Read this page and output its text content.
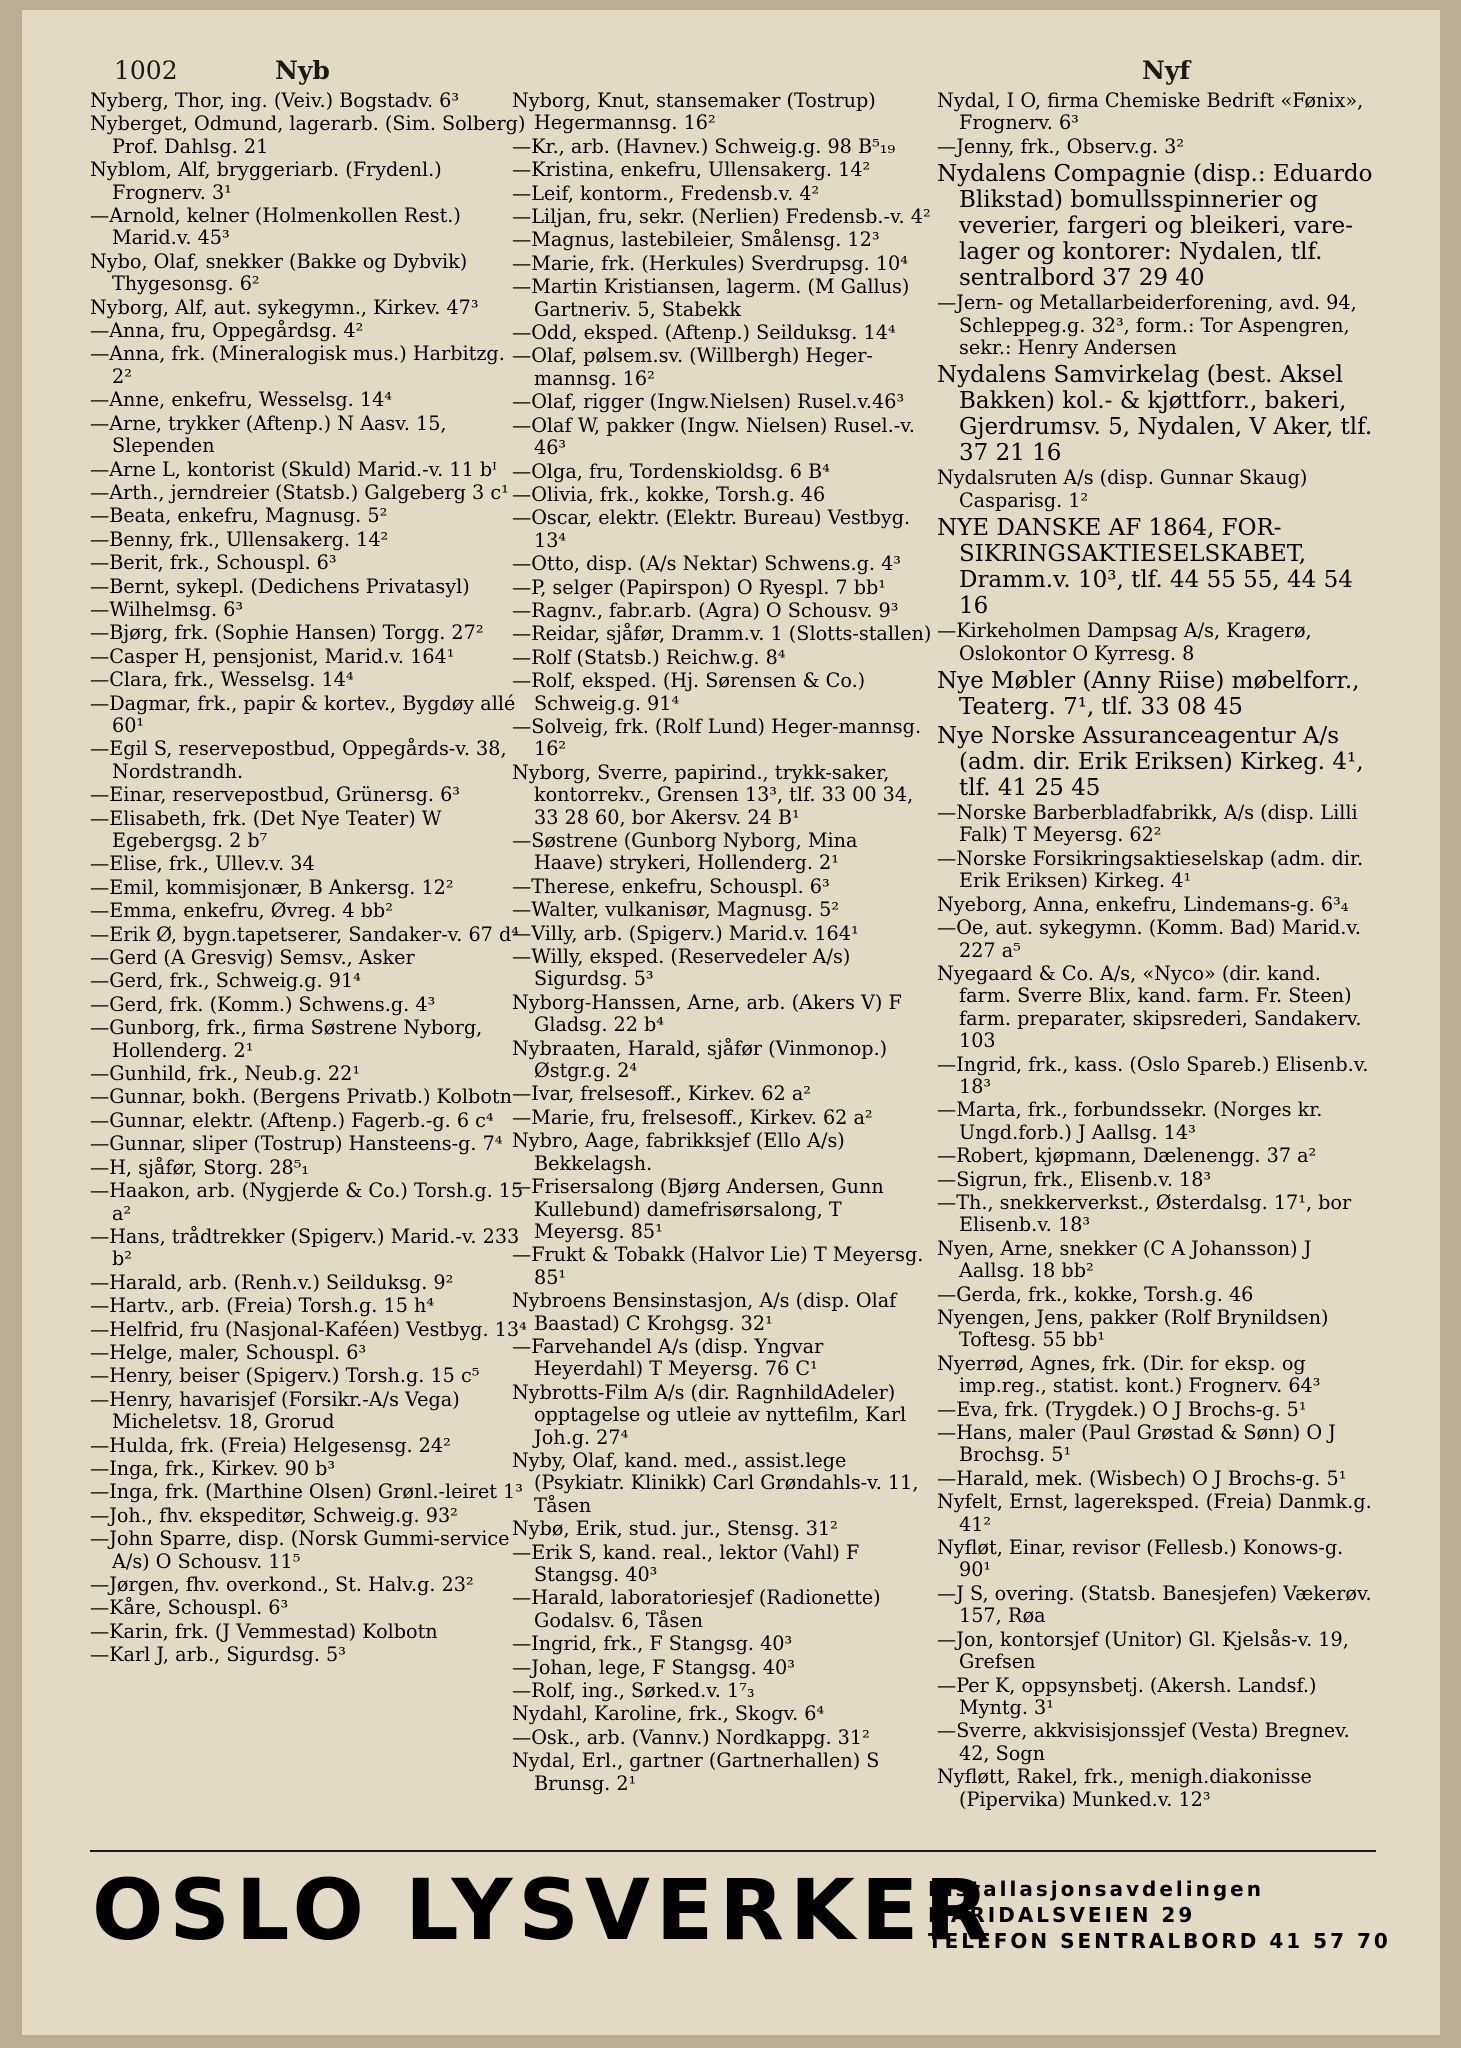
1002	Nyb	Nyf
Nyberg, Thor, ing. (Veiv.) Bogstadv. 6³
Nyberget, Odmund, lagerarb. (Sim. Solberg) Prof. Dahlsg. 21
Nyblom, Alf, bryggeriarb. (Frydenl.) Frognerv. 3¹
—Arnold, kelner (Holmenkollen Rest.) Marid.v. 45³
Nybo, Olaf, snekker (Bakke og Dybvik) Thygesonsg. 6²
Nyborg, Alf, aut. sykegymn., Kirkev. 47³
—Anna, fru, Oppegårdsg. 4²
—Anna, frk. (Mineralogisk mus.) Harbitzg. 2²
—Anne, enkefru, Wesselsg. 14⁴
—Arne, trykker (Aftenp.) N Aasv. 15, Slependen
—Arne L, kontorist (Skuld) Marid.-v. 11 bᴵ
—Arth., jerndreier (Statsb.) Galgeberg 3 c¹
—Beata, enkefru, Magnusg. 5²
—Benny, frk., Ullensakerg. 14²
—Berit, frk., Schouspl. 6³
—Bernt, sykepl. (Dedichens Privatasyl)
—Wilhelmsg. 6³
—Bjørg, frk. (Sophie Hansen) Torgg. 27²
—Casper H, pensjonist, Marid.v. 164¹
—Clara, frk., Wesselsg. 14⁴
—Dagmar, frk., papir & kortev., Bygdøy allé 60¹
—Egil S, reservepostbud, Oppegårds-v. 38, Nordstrandh.
—Einar, reservepostbud, Grünersg. 6³
—Elisabeth, frk. (Det Nye Teater) W Egebergsg. 2 b⁷
—Elise, frk., Ullev.v. 34
—Emil, kommisjonær, B Ankersg. 12²
—Emma, enkefru, Øvreg. 4 bb²
—Erik Ø, bygn.tapetserer, Sandaker-v. 67 d⁴
—Gerd (A Gresvig) Semsv., Asker
—Gerd, frk., Schweig.g. 91⁴
—Gerd, frk. (Komm.) Schwens.g. 4³
—Gunborg, frk., firma Søstrene Nyborg, Hollenderg. 2¹
—Gunhild, frk., Neub.g. 22¹
—Gunnar, bokh. (Bergens Privatb.) Kolbotn
—Gunnar, elektr. (Aftenp.) Fagerb.-g. 6 c⁴
—Gunnar, sliper (Tostrup) Hansteens-g. 7⁴
—H, sjåfør, Storg. 28⁵₁
—Haakon, arb. (Nygjerde & Co.) Torsh.g. 15 a²
—Hans, trådtrekker (Spigerv.) Marid.-v. 233 b²
—Harald, arb. (Renh.v.) Seilduksg. 9²
—Hartv., arb. (Freia) Torsh.g. 15 h⁴
—Helfrid, fru (Nasjonal-Kaféen) Vestbyg. 13⁴
—Helge, maler, Schouspl. 6³
—Henry, beiser (Spigerv.) Torsh.g. 15 c⁵
—Henry, havarisjef (Forsikr.-A/s Vega) Micheletsv. 18, Grorud
—Hulda, frk. (Freia) Helgesensg. 24²
—Inga, frk., Kirkev. 90 b³
—Inga, frk. (Marthine Olsen) Grønl.-leiret 1³
—Joh., fhv. ekspeditør, Schweig.g. 93²
—John Sparre, disp. (Norsk Gummi-service A/s) O Schousv. 11⁵
—Jørgen, fhv. overkond., St. Halv.g. 23²
—Kåre, Schouspl. 6³
—Karin, frk. (J Vemmestad) Kolbotn
—Karl J, arb., Sigurdsg. 5³
Nyborg, Knut, stansemaker (Tostrup) Hegermannsg. 16²
—Kr., arb. (Havnev.) Schweig.g. 98 B⁵₁₉
—Kristina, enkefru, Ullensakerg. 14²
—Leif, kontorm., Fredensb.v. 4²
—Liljan, fru, sekr. (Nerlien) Fredensb.-v. 4²
—Magnus, lastebileier, Smålensg. 12³
—Marie, frk. (Herkules) Sverdrupsg. 10⁴
—Martin Kristiansen, lagerm. (M Gallus) Gartneriv. 5, Stabekk
—Odd, eksped. (Aftenp.) Seilduksg. 14⁴
—Olaf, pølsem.sv. (Willbergh) Heger-mannsg. 16²
—Olaf, rigger (Ingw.Nielsen) Rusel.v.46³
—Olaf W, pakker (Ingw. Nielsen) Rusel.-v. 46³
—Olga, fru, Tordenskioldsg. 6 B⁴
—Olivia, frk., kokke, Torsh.g. 46
—Oscar, elektr. (Elektr. Bureau) Vestbyg. 13⁴
—Otto, disp. (A/s Nektar) Schwens.g. 4³
—P, selger (Papirspon) O Ryespl. 7 bb¹
—Ragnv., fabr.arb. (Agra) O Schousv. 9³
—Reidar, sjåfør, Dramm.v. 1 (Slotts-stallen)
—Rolf (Statsb.) Reichw.g. 8⁴
—Rolf, eksped. (Hj. Sørensen & Co.) Schweig.g. 91⁴
—Solveig, frk. (Rolf Lund) Heger-mannsg. 16²
Nyborg, Sverre, papirind., trykk-saker, kontorrekv., Grensen 13³, tlf. 33 00 34, 33 28 60, bor Akersv. 24 B¹
—Søstrene (Gunborg Nyborg, Mina Haave) strykeri, Hollenderg. 2¹
—Therese, enkefru, Schouspl. 6³
—Walter, vulkanisør, Magnusg. 5²
—Villy, arb. (Spigerv.) Marid.v. 164¹
—Willy, eksped. (Reservedeler A/s) Sigurdsg. 5³
Nyborg-Hanssen, Arne, arb. (Akers V) F Gladsg. 22 b⁴
Nybraaten, Harald, sjåfør (Vinmonop.) Østgr.g. 2⁴
—Ivar, frelsesoff., Kirkev. 62 a²
—Marie, fru, frelsesoff., Kirkev. 62 a²
Nybro, Aage, fabrikksjef (Ello A/s) Bekkelagsh.
—Frisersalong (Bjørg Andersen, Gunn Kullebund) damefrisørsalong, T Meyersg. 85¹
—Frukt & Tobakk (Halvor Lie) T Meyersg. 85¹
Nybroens Bensinstasjon, A/s (disp. Olaf Baastad) C Krohgsg. 32¹
—Farvehandel A/s (disp. Yngvar Heyerdahl) T Meyersg. 76 C¹
Nybrotts-Film A/s (dir. RagnhildAdeler) opptagelse og utleie av nyttefilm, Karl Joh.g. 27⁴
Nyby, Olaf, kand. med., assist.lege (Psykiatr. Klinikk) Carl Grøndahls-v. 11, Tåsen
Nybø, Erik, stud. jur., Stensg. 31²
—Erik S, kand. real., lektor (Vahl) F Stangsg. 40³
—Harald, laboratoriesjef (Radionette) Godalsv. 6, Tåsen
—Ingrid, frk., F Stangsg. 40³
—Johan, lege, F Stangsg. 40³
—Rolf, ing., Sørked.v. 1⁷₃
Nydahl, Karoline, frk., Skogv. 6⁴
—Osk., arb. (Vannv.) Nordkappg. 31²
Nydal, Erl., gartner (Gartnerhallen) S Brunsg. 2¹
Nydal, I O, firma Chemiske Bedrift «Fønix», Frognerv. 6³
—Jenny, frk., Observ.g. 3²
Nydalens Compagnie (disp.: Eduardo Blikstad) bomullsspinnerier og veverier, fargeri og bleikeri, vare-lager og kontorer: Nydalen, tlf. sentralbord 37 29 40
—Jern- og Metallarbeiderforening, avd. 94, Schleppeg.g. 32³, form.: Tor Aspengren, sekr.: Henry Andersen
Nydalens Samvirkelag (best. Aksel Bakken) kol.- & kjøttforr., bakeri, Gjerdrumsv. 5, Nydalen, V Aker, tlf. 37 21 16
Nydalsruten A/s (disp. Gunnar Skaug) Casparisg. 1²
NYE DANSKE AF 1864, FOR-SIKRINGSAKTIESELSKABET, Dramm.v. 10³, tlf. 44 55 55, 44 54 16
—Kirkeholmen Dampsag A/s, Kragerø, Oslokontor O Kyrresg. 8
Nye Møbler (Anny Riise) møbelforr., Teaterg. 7¹, tlf. 33 08 45
Nye Norske Assuranceagentur A/s (adm. dir. Erik Eriksen) Kirkeg. 4¹, tlf. 41 25 45
—Norske Barberbladfabrikk, A/s (disp. Lilli Falk) T Meyersg. 62²
—Norske Forsikringsaktieselskap (adm. dir. Erik Eriksen) Kirkeg. 4¹
Nyeborg, Anna, enkefru, Lindemans-g. 6³₄
—Oe, aut. sykegymn. (Komm. Bad) Marid.v. 227 a⁵
Nyegaard & Co. A/s, «Nyco» (dir. kand. farm. Sverre Blix, kand. farm. Fr. Steen) farm. preparater, skipsrederi, Sandakerv. 103
—Ingrid, frk., kass. (Oslo Spareb.) Elisenb.v. 18³
—Marta, frk., forbundssekr. (Norges kr. Ungd.forb.) J Aallsg. 14³
—Robert, kjøpmann, Dælenengg. 37 a²
—Sigrun, frk., Elisenb.v. 18³
—Th., snekkerverkst., Østerdalsg. 17¹, bor Elisenb.v. 18³
Nyen, Arne, snekker (C A Johansson) J Aallsg. 18 bb²
—Gerda, frk., kokke, Torsh.g. 46
Nyengen, Jens, pakker (Rolf Brynildsen) Toftesg. 55 bb¹
Nyerrød, Agnes, frk. (Dir. for eksp. og imp.reg., statist. kont.) Frognerv. 64³
—Eva, frk. (Trygdek.) O J Brochs-g. 5¹
—Hans, maler (Paul Grøstad & Sønn) O J Brochsg. 5¹
—Harald, mek. (Wisbech) O J Brochs-g. 5¹
Nyfelt, Ernst, lagereksped. (Freia) Danmk.g. 41²
Nyfløt, Einar, revisor (Fellesb.) Konows-g. 90¹
—J S, overing. (Statsb. Banesjefen) Vækerøv. 157, Røa
—Jon, kontorsjef (Unitor) Gl. Kjelsås-v. 19, Grefsen
—Per K, oppsynsbetj. (Akersh. Landsf.) Myntg. 3¹
—Sverre, akkvisisjonssjef (Vesta) Bregnev. 42, Sogn
Nyfløtt, Rakel, frk., menigh.diakonisse (Pipervika) Munked.v. 12³
OSLO LYSVERKER
Installasjonsavdelingen
MARIDALSVEIEN 29
TELEFON SENTRALBORD 41 57 70
